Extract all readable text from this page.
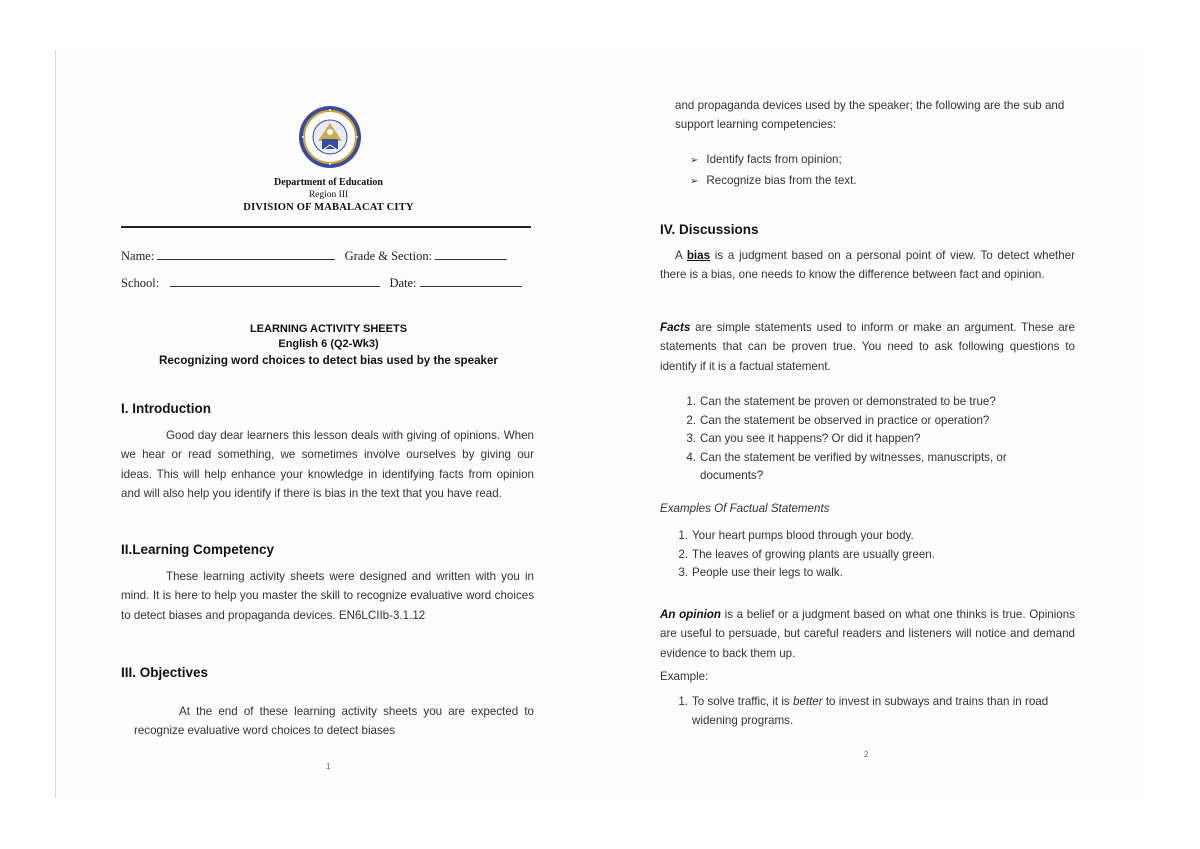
Department of Education
Region III
DIVISION OF MABALACAT CITY
Name:	Grade & Section:
School:	Date:
LEARNING ACTIVITY SHEETS
English 6 (Q2-Wk3)
Recognizing word choices to detect bias used by the speaker
I. Introduction
Good day dear learners this lesson deals with giving of opinions. When we hear or read something, we sometimes involve ourselves by giving our ideas. This will help enhance your knowledge in identifying facts from opinion and will also help you identify if there is bias in the text that you have read.
II.Learning Competency
These learning activity sheets were designed and written with you in mind. It is here to help you master the skill to recognize evaluative word choices to detect biases and propaganda devices. EN6LCIIb-3.1.12
III. Objectives
At the end of these learning activity sheets you are expected to recognize evaluative word choices to detect biases
1
and propaganda devices used by the speaker; the following are the sub and support learning competencies:
➢ Identify facts from opinion;
➢ Recognize bias from the text.
IV. Discussions
A bias is a judgment based on a personal point of view. To detect whether there is a bias, one needs to know the difference between fact and opinion.
Facts are simple statements used to inform or make an argument. These are statements that can be proven true. You need to ask following questions to identify if it is a factual statement.
1. Can the statement be proven or demonstrated to be true?
2. Can the statement be observed in practice or operation?
3. Can you see it happens? Or did it happen?
4. Can the statement be verified by witnesses, manuscripts, or documents?
Examples Of Factual Statements
1. Your heart pumps blood through your body.
2. The leaves of growing plants are usually green.
3. People use their legs to walk.
An opinion is a belief or a judgment based on what one thinks is true. Opinions are useful to persuade, but careful readers and listeners will notice and demand evidence to back them up.
Example:
1. To solve traffic, it is better to invest in subways and trains than in road widening programs.
2
